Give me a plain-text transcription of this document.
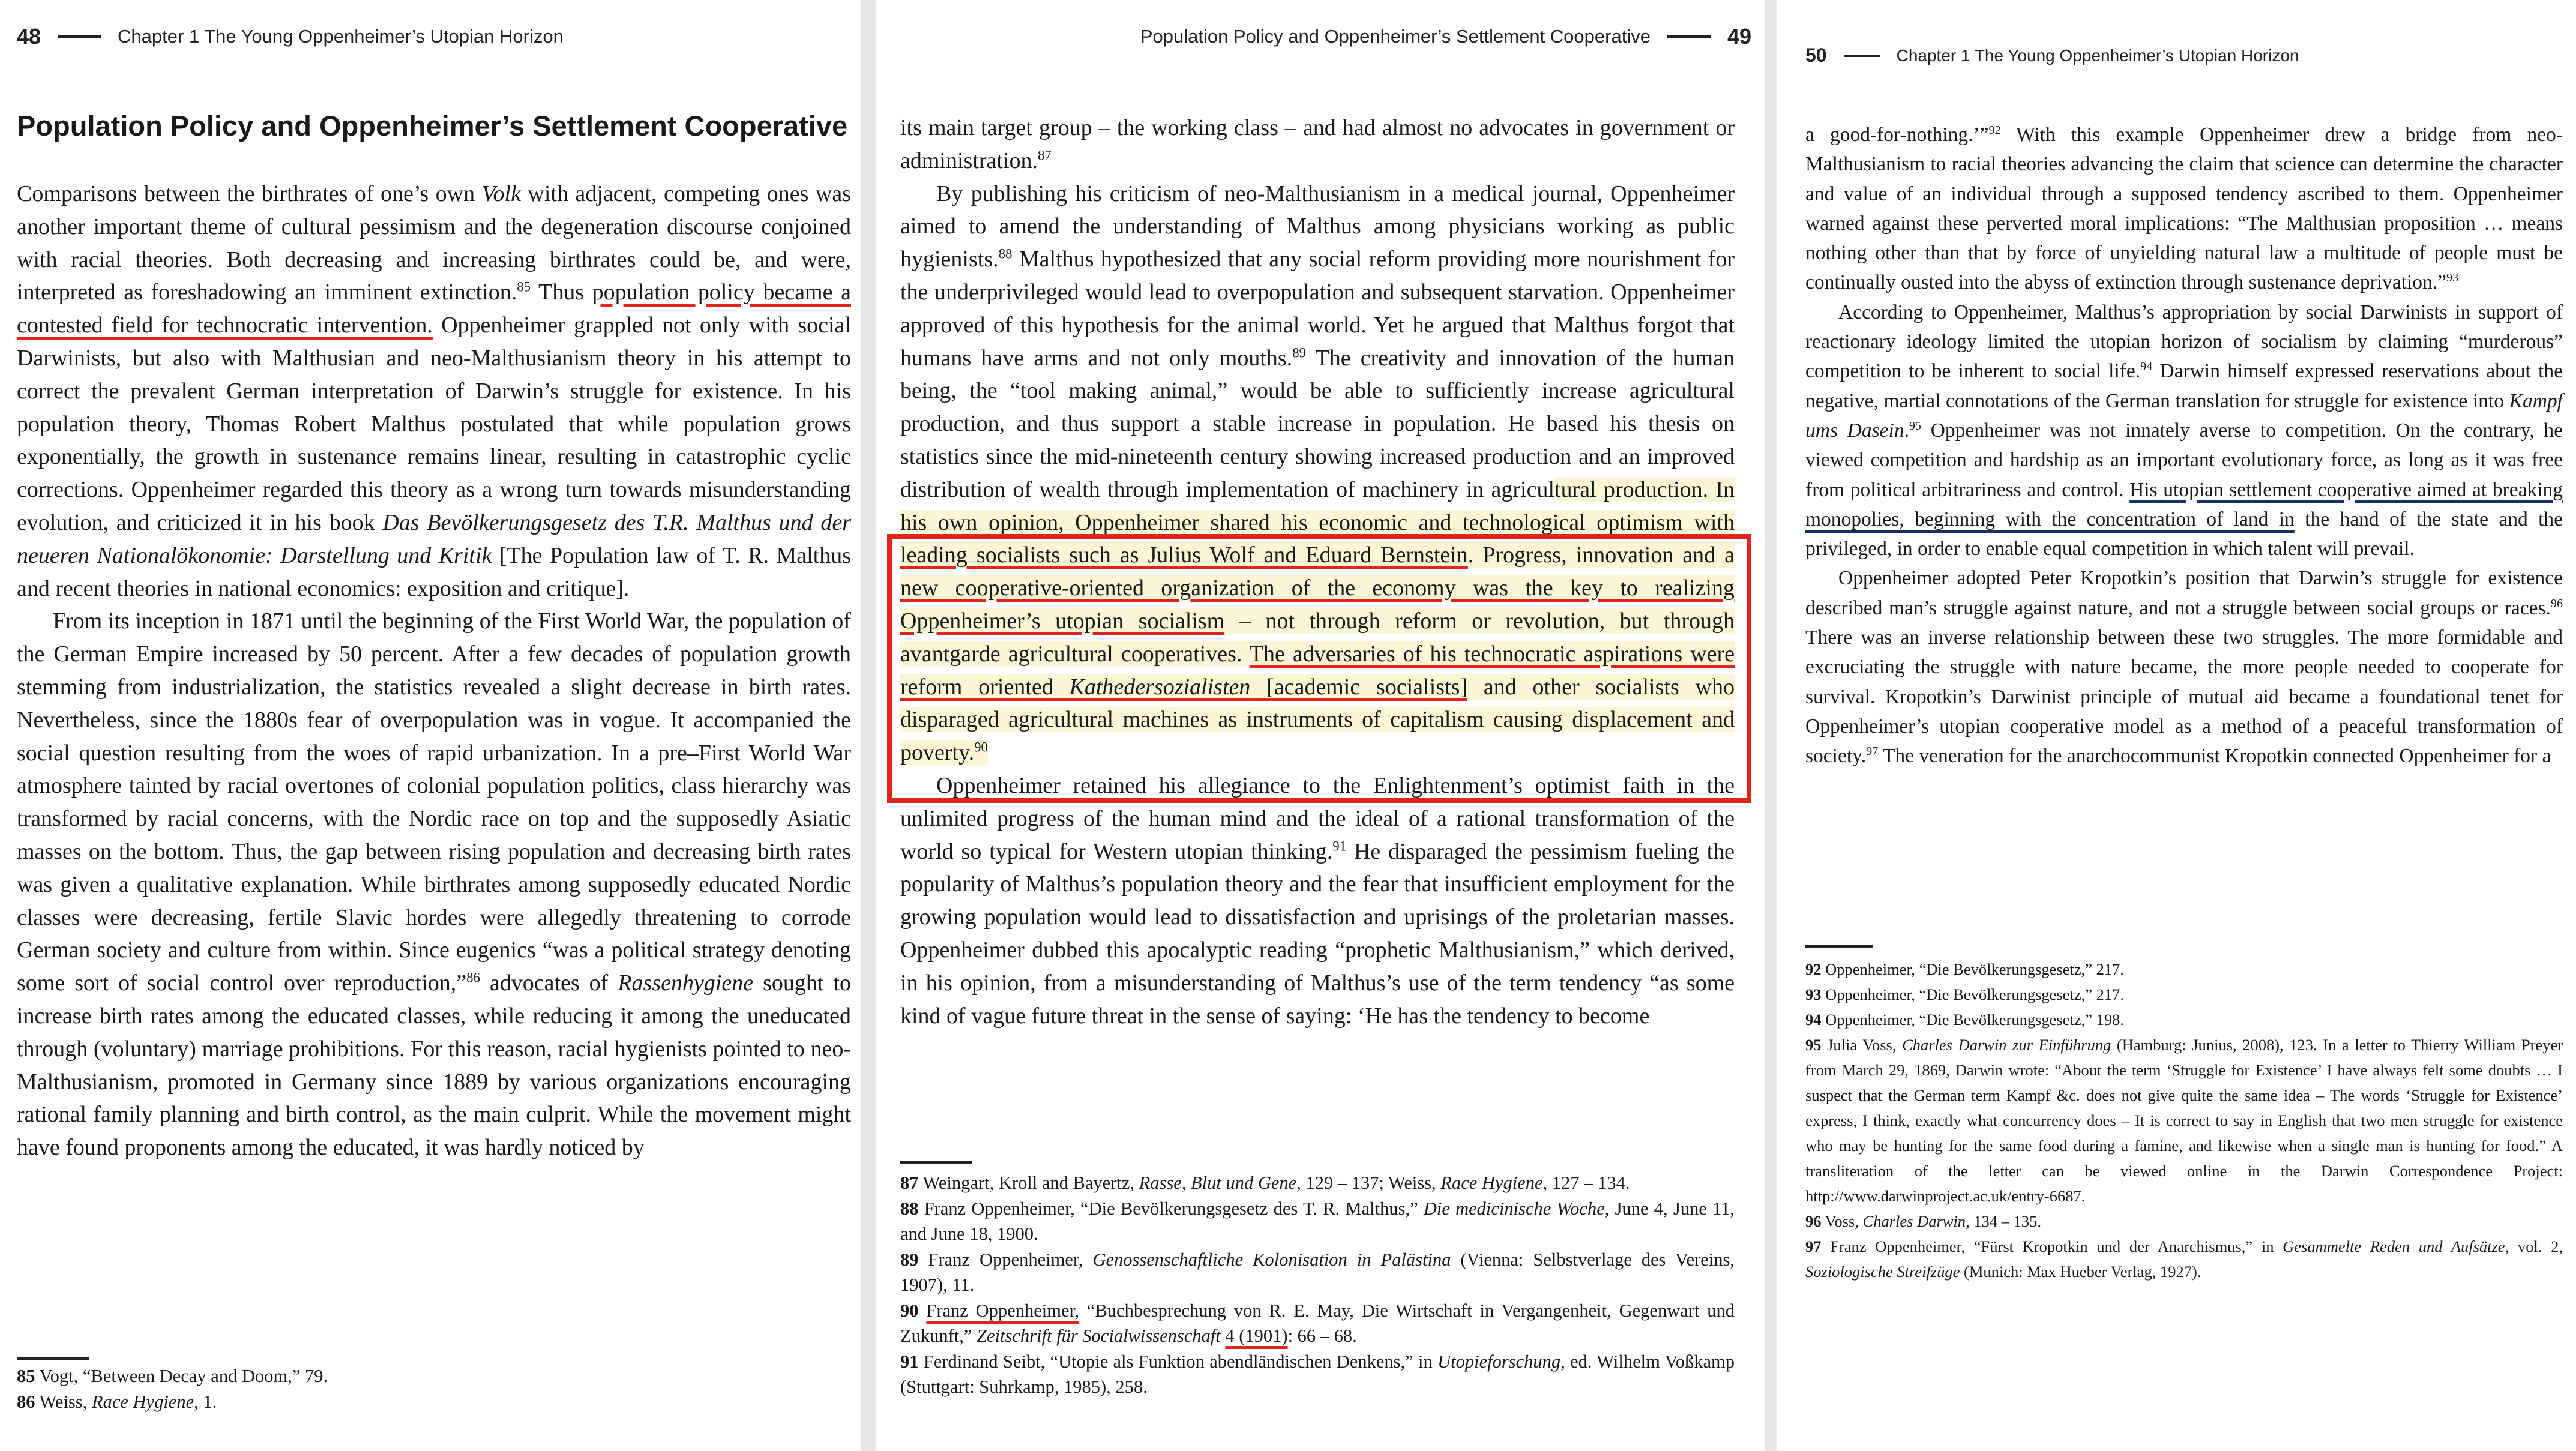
48	Chapter 1 The Young Oppenheimer’s Utopian Horizon
Population Policy and Oppenheimer’s Settlement Cooperative

Comparisons between the birthrates of one’s own Volk with adjacent, competing ones was another important theme of cultural pessimism and the degeneration discourse conjoined with racial theories. Both decreasing and increasing birthrates could be, and were, interpreted as foreshadowing an imminent extinction.$^{85}$ Thus population policy became a contested field for technocratic intervention. Oppenheimer grappled not only with social Darwinists, but also with Malthusian and neo-Malthusianism theory in his attempt to correct the prevalent German interpretation of Darwin’s struggle for existence. In his population theory, Thomas Robert Malthus postulated that while population grows exponentially, the growth in sustenance remains linear, resulting in catastrophic cyclic corrections. Oppenheimer regarded this theory as a wrong turn towards misunderstanding evolution, and criticized it in his book Das Bevölkerungsgesetz des T.R. Malthus und der neueren Nationalökonomie: Darstellung und Kritik [The Population law of T. R. Malthus and recent theories in national economics: exposition and critique].

From its inception in 1871 until the beginning of the First World War, the population of the German Empire increased by 50 percent. After a few decades of population growth stemming from industrialization, the statistics revealed a slight decrease in birth rates. Nevertheless, since the 1880s fear of overpopulation was in vogue. It accompanied the social question resulting from the woes of rapid urbanization. In a pre–First World War atmosphere tainted by racial overtones of colonial population politics, class hierarchy was transformed by racial concerns, with the Nordic race on top and the supposedly Asiatic masses on the bottom. Thus, the gap between rising population and decreasing birth rates was given a qualitative explanation. While birthrates among supposedly educated Nordic classes were decreasing, fertile Slavic hordes were allegedly threatening to corrode German society and culture from within. Since eugenics “was a political strategy denoting some sort of social control over reproduction,”$^{86}$ advocates of Rassenhygiene sought to increase birth rates among the educated classes, while reducing it among the uneducated through (voluntary) marriage prohibitions. For this reason, racial hygienists pointed to neo-Malthusianism, promoted in Germany since 1889 by various organizations encouraging rational family planning and birth control, as the main culprit. While the movement might have found proponents among the educated, it was hardly noticed by

85 Vogt, “Between Decay and Doom,” 79.

86 Weiss, Race Hygiene, 1.

Population Policy and Oppenheimer’s Settlement Cooperative	49

its main target group – the working class – and had almost no advocates in government or administration.$^{87}$

By publishing his criticism of neo-Malthusianism in a medical journal, Oppenheimer aimed to amend the understanding of Malthus among physicians working as public hygienists.$^{88}$ Malthus hypothesized that any social reform providing more nourishment for the underprivileged would lead to overpopulation and subsequent starvation. Oppenheimer approved of this hypothesis for the animal world. Yet he argued that Malthus forgot that humans have arms and not only mouths.$^{89}$ The creativity and innovation of the human being, the “tool making animal,” would be able to sufficiently increase agricultural production, and thus support a stable increase in population. He based his thesis on statistics since the mid-nineteenth century showing increased production and an improved distribution of wealth through implementation of machinery in agricultural production. In his own opinion, Oppenheimer shared his economic and technological optimism with leading socialists such as Julius Wolf and Eduard Bernstein. Progress, innovation and a new cooperative-oriented organization of the economy was the key to realizing Oppenheimer’s utopian socialism – not through reform or revolution, but through avantgarde agricultural cooperatives. The adversaries of his technocratic aspirations were reform oriented Kathedersozialisten [academic socialists] and other socialists who disparaged agricultural machines as instruments of capitalism causing displacement and poverty.$^{90}$

Oppenheimer retained his allegiance to the Enlightenment’s optimist faith in the unlimited progress of the human mind and the ideal of a rational transformation of the world so typical for Western utopian thinking.$^{91}$ He disparaged the pessimism fueling the popularity of Malthus’s population theory and the fear that insufficient employment for the growing population would lead to dissatisfaction and uprisings of the proletarian masses. Oppenheimer dubbed this apocalyptic reading “prophetic Malthusianism,” which derived, in his opinion, from a misunderstanding of Malthus’s use of the term tendency “as some kind of vague future threat in the sense of saying: ‘He has the tendency to become

87 Weingart, Kroll and Bayertz, Rasse, Blut und Gene, 129 – 137; Weiss, Race Hygiene, 127 – 134.

88 Franz Oppenheimer, “Die Bevölkerungsgesetz des T. R. Malthus,” Die medicinische Woche, June 4, June 11, and June 18, 1900.

89 Franz Oppenheimer, Genossenschaftliche Kolonisation in Palästina (Vienna: Selbstverlage des Vereins, 1907), 11.

90 Franz Oppenheimer, “Buchbesprechung von R. E. May, Die Wirtschaft in Vergangenheit, Gegenwart und Zukunft,” Zeitschrift für Socialwissenschaft 4 (1901): 66 – 68.

91 Ferdinand Seibt, “Utopie als Funktion abendländischen Denkens,” in Utopieforschung, ed. Wilhelm Voßkamp (Stuttgart: Suhrkamp, 1985), 258.

50	Chapter 1 The Young Oppenheimer’s Utopian Horizon

a good-for-nothing.’”$^{92}$ With this example Oppenheimer drew a bridge from neo-Malthusianism to racial theories advancing the claim that science can determine the character and value of an individual through a supposed tendency ascribed to them. Oppenheimer warned against these perverted moral implications: “The Malthusian proposition … means nothing other than that by force of unyielding natural law a multitude of people must be continually ousted into the abyss of extinction through sustenance deprivation.”$^{93}$

According to Oppenheimer, Malthus’s appropriation by social Darwinists in support of reactionary ideology limited the utopian horizon of socialism by claiming “murderous” competition to be inherent to social life.$^{94}$ Darwin himself expressed reservations about the negative, martial connotations of the German translation for struggle for existence into Kampf ums Dasein.$^{95}$ Oppenheimer was not innately averse to competition. On the contrary, he viewed competition and hardship as an important evolutionary force, as long as it was free from political arbitrariness and control. His utopian settlement cooperative aimed at breaking monopolies, beginning with the concentration of land in the hand of the state and the privileged, in order to enable equal competition in which talent will prevail.

Oppenheimer adopted Peter Kropotkin’s position that Darwin’s struggle for existence described man’s struggle against nature, and not a struggle between social groups or races.$^{96}$ There was an inverse relationship between these two struggles. The more formidable and excruciating the struggle with nature became, the more people needed to cooperate for survival. Kropotkin’s Darwinist principle of mutual aid became a foundational tenet for Oppenheimer’s utopian cooperative model as a method of a peaceful transformation of society.$^{97}$ The veneration for the anarchocommunist Kropotkin connected Oppenheimer for a

92 Oppenheimer, “Die Bevölkerungsgesetz,” 217.

93 Oppenheimer, “Die Bevölkerungsgesetz,” 217.

94 Oppenheimer, “Die Bevölkerungsgesetz,” 198.

95 Julia Voss, Charles Darwin zur Einführung (Hamburg: Junius, 2008), 123. In a letter to Thierry William Preyer from March 29, 1869, Darwin wrote: “About the term ‘Struggle for Existence’ I have always felt some doubts … I suspect that the German term Kampf &c. does not give quite the same idea – The words ‘Struggle for Existence’ express, I think, exactly what concurrency does – It is correct to say in English that two men struggle for existence who may be hunting for the same food during a famine, and likewise when a single man is hunting for food.” A transliteration of the letter can be viewed online in the Darwin Correspondence Project: http://www.darwinproject.ac.uk/entry-6687.

96 Voss, Charles Darwin, 134 – 135.

97 Franz Oppenheimer, “Fürst Kropotkin und der Anarchismus,” in Gesammelte Reden und Aufsätze, vol. 2, Soziologische Streifzüge (Munich: Max Hueber Verlag, 1927).
